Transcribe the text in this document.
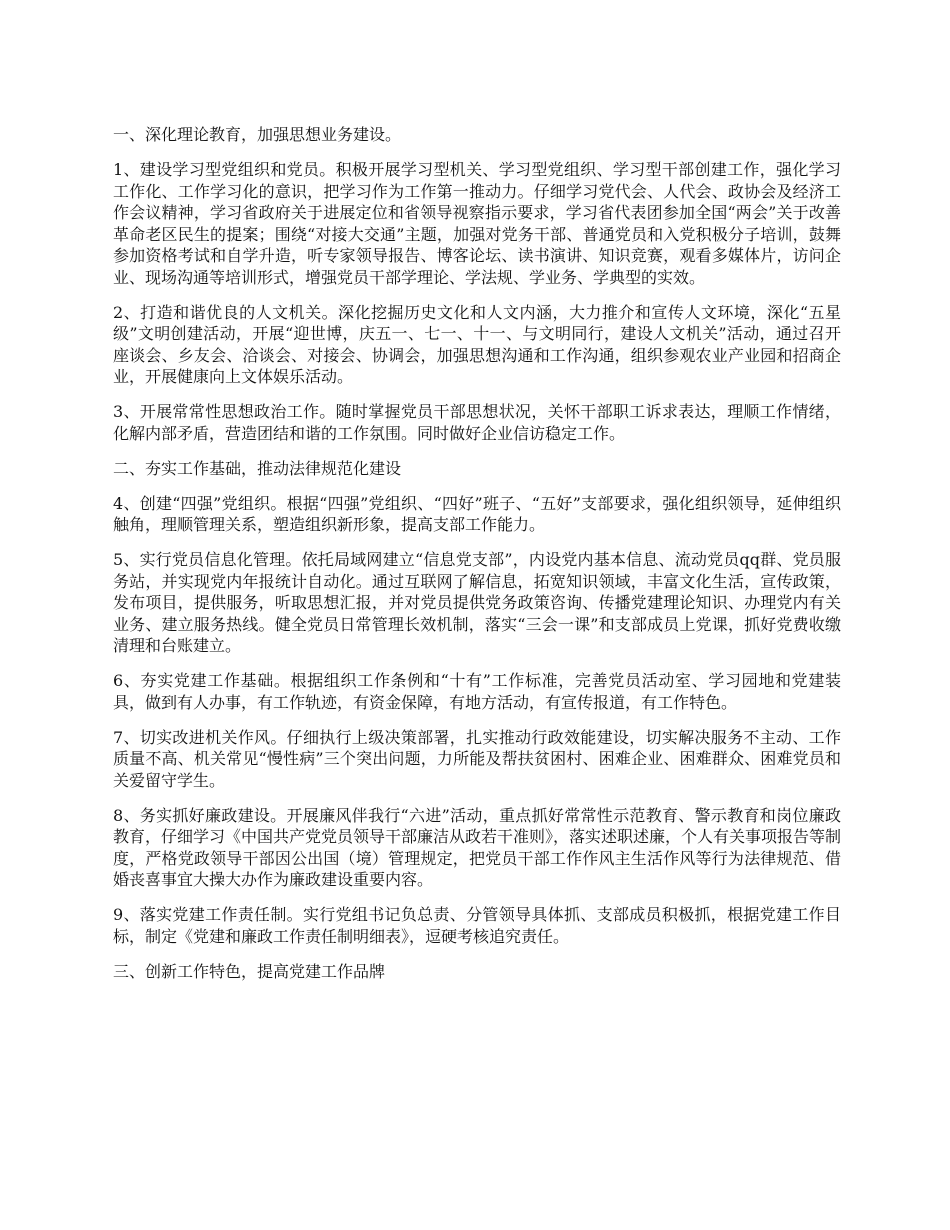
一、深化理论教育，加强思想业务建设。

1、建设学习型党组织和党员。积极开展学习型机关、学习型党组织、学习型干部创建工作，强化学习工作化、工作学习化的意识，把学习作为工作第一推动力。仔细学习党代会、人代会、政协会及经济工作会议精神，学习省政府关于进展定位和省领导视察指示要求，学习省代表团参加全国“两会”关于改善革命老区民生的提案；围绕“对接大交通”主题，加强对党务干部、普通党员和入党积极分子培训，鼓舞参加资格考试和自学升造，听专家领导报告、博客论坛、读书演讲、知识竞赛，观看多媒体片，访问企业、现场沟通等培训形式，增强党员干部学理论、学法规、学业务、学典型的实效。

2、打造和谐优良的人文机关。深化挖掘历史文化和人文内涵，大力推介和宣传人文环境，深化“五星级”文明创建活动，开展“迎世博，庆五一、七一、十一、与文明同行，建设人文机关”活动，通过召开座谈会、乡友会、洽谈会、对接会、协调会，加强思想沟通和工作沟通，组织参观农业产业园和招商企业，开展健康向上文体娱乐活动。

3、开展常常性思想政治工作。随时掌握党员干部思想状况，关怀干部职工诉求表达，理顺工作情绪，化解内部矛盾，营造团结和谐的工作氛围。同时做好企业信访稳定工作。

二、夯实工作基础，推动法律规范化建设

4、创建“四强”党组织。根据“四强”党组织、“四好”班子、“五好”支部要求，强化组织领导，延伸组织触角，理顺管理关系，塑造组织新形象，提高支部工作能力。

5、实行党员信息化管理。依托局域网建立“信息党支部”，内设党内基本信息、流动党员qq群、党员服务站，并实现党内年报统计自动化。通过互联网了解信息，拓宽知识领域，丰富文化生活，宣传政策，发布项目，提供服务，听取思想汇报，并对党员提供党务政策咨询、传播党建理论知识、办理党内有关业务、建立服务热线。健全党员日常管理长效机制，落实“三会一课”和支部成员上党课，抓好党费收缴清理和台账建立。

6、夯实党建工作基础。根据组织工作条例和“十有”工作标准，完善党员活动室、学习园地和党建装具，做到有人办事，有工作轨迹，有资金保障，有地方活动，有宣传报道，有工作特色。

7、切实改进机关作风。仔细执行上级决策部署，扎实推动行政效能建设，切实解决服务不主动、工作质量不高、机关常见“慢性病”三个突出问题，力所能及帮扶贫困村、困难企业、困难群众、困难党员和关爱留守学生。

8、务实抓好廉政建设。开展廉风伴我行“六进”活动，重点抓好常常性示范教育、警示教育和岗位廉政教育，仔细学习《中国共产党党员领导干部廉洁从政若干准则》，落实述职述廉，个人有关事项报告等制度，严格党政领导干部因公出国（境）管理规定，把党员干部工作作风主生活作风等行为法律规范、借婚丧喜事宜大操大办作为廉政建设重要内容。

9、落实党建工作责任制。实行党组书记负总责、分管领导具体抓、支部成员积极抓，根据党建工作目标，制定《党建和廉政工作责任制明细表》，逗硬考核追究责任。

三、创新工作特色，提高党建工作品牌
